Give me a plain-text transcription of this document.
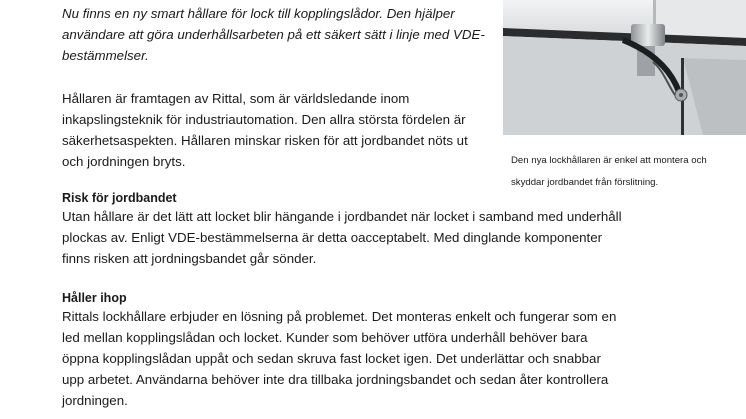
Nu finns en ny smart hållare för lock till kopplingslådor. Den hjälper användare att göra underhållsarbeten på ett säkert sätt i linje med VDE-bestämmelser.

Hållaren är framtagen av Rittal, som är världsledande inom inkapslingsteknik för industriautomation. Den allra största fördelen är säkerhetsaspekten. Hållaren minskar risken för att jordbandet nöts ut och jordningen bryts.	Den nya lockhållaren är enkel att montera och skyddar jordbandet från förslitning.

Risk för jordbandet

Utan hållare är det lätt att locket blir hängande i jordbandet när locket i samband med underhåll plockas av. Enligt VDE-bestämmelserna är detta oacceptabelt. Med dinglande komponenter finns risken att jordningsbandet går sönder.

Håller ihop

Rittals lockhållare erbjuder en lösning på problemet. Det monteras enkelt och fungerar som en led mellan kopplingslådan och locket. Kunder som behöver utföra underhåll behöver bara öppna kopplingslådan uppåt och sedan skruva fast locket igen. Det underlättar och snabbar upp arbetet. Användarna behöver inte dra tillbaka jordningsbandet och sedan åter kontrollera jordningen.
